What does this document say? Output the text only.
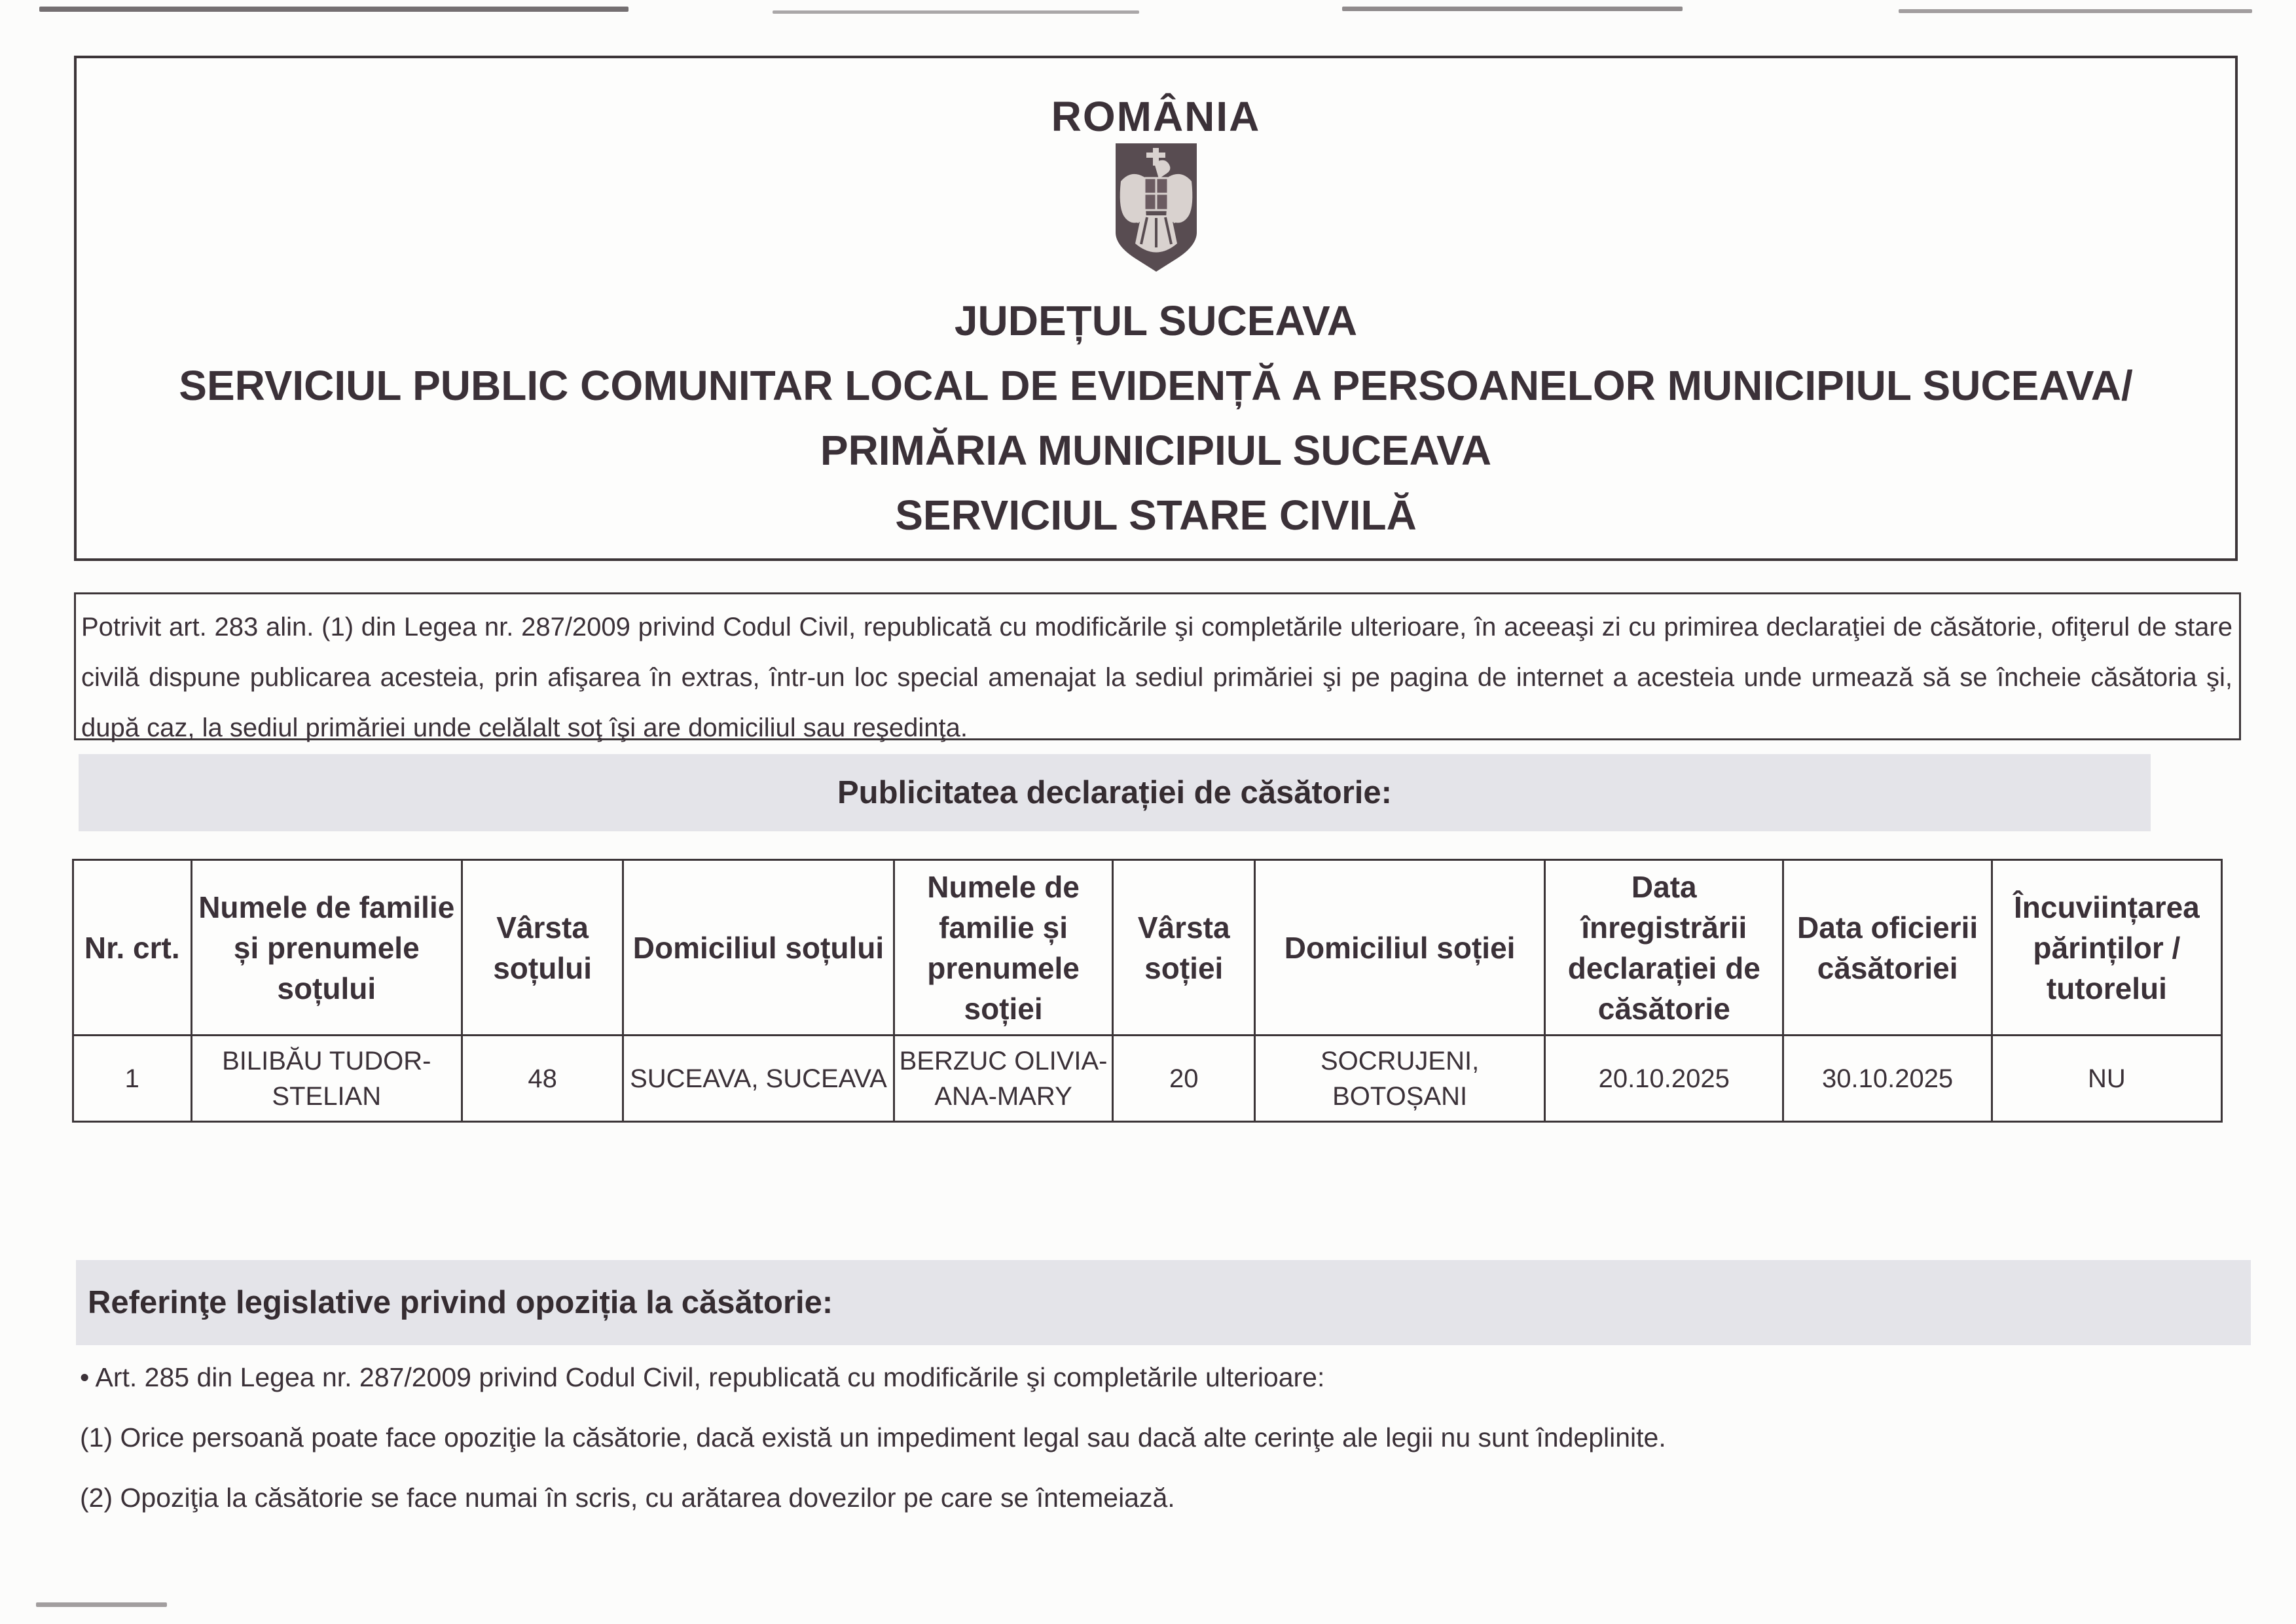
ROMÂNIA
JUDEȚUL SUCEAVA
SERVICIUL PUBLIC COMUNITAR LOCAL DE EVIDENȚĂ A PERSOANELOR MUNICIPIUL SUCEAVA/
PRIMĂRIA MUNICIPIUL SUCEAVA
SERVICIUL STARE CIVILĂ

Potrivit art. 283 alin. (1) din Legea nr. 287/2009 privind Codul Civil, republicată cu modificările şi completările ulterioare, în aceeaşi zi cu primirea declaraţiei de căsătorie, ofiţerul de stare civilă dispune publicarea acesteia, prin afişarea în extras, într-un loc special amenajat la sediul primăriei şi pe pagina de internet a acesteia unde urmează să se încheie căsătoria şi, după caz, la sediul primăriei unde celălalt soţ îşi are domiciliul sau reşedinţa.

Publicitatea declarației de căsătorie:
Nr. crt.	Numele de familie și prenumele soțului	Vârsta soțului	Domiciliul soțului	Numele de familie și prenumele soției	Vârsta soției	Domiciliul soției	Data înregistrării declarației de căsătorie	Data oficierii căsătoriei	Încuviințarea părinților / tutorelui
1	BILIBĂU TUDOR-STELIAN	48	SUCEAVA, SUCEAVA	BERZUC OLIVIA-ANA-MARY	20	SOCRUJENI, BOTOȘANI	20.10.2025	30.10.2025	NU
Referinţe legislative privind opoziția la căsătorie:

• Art. 285 din Legea nr. 287/2009 privind Codul Civil, republicată cu modificările şi completările ulterioare:

(1) Orice persoană poate face opoziţie la căsătorie, dacă există un impediment legal sau dacă alte cerinţe ale legii nu sunt îndeplinite.

(2) Opoziţia la căsătorie se face numai în scris, cu arătarea dovezilor pe care se întemeiază.
